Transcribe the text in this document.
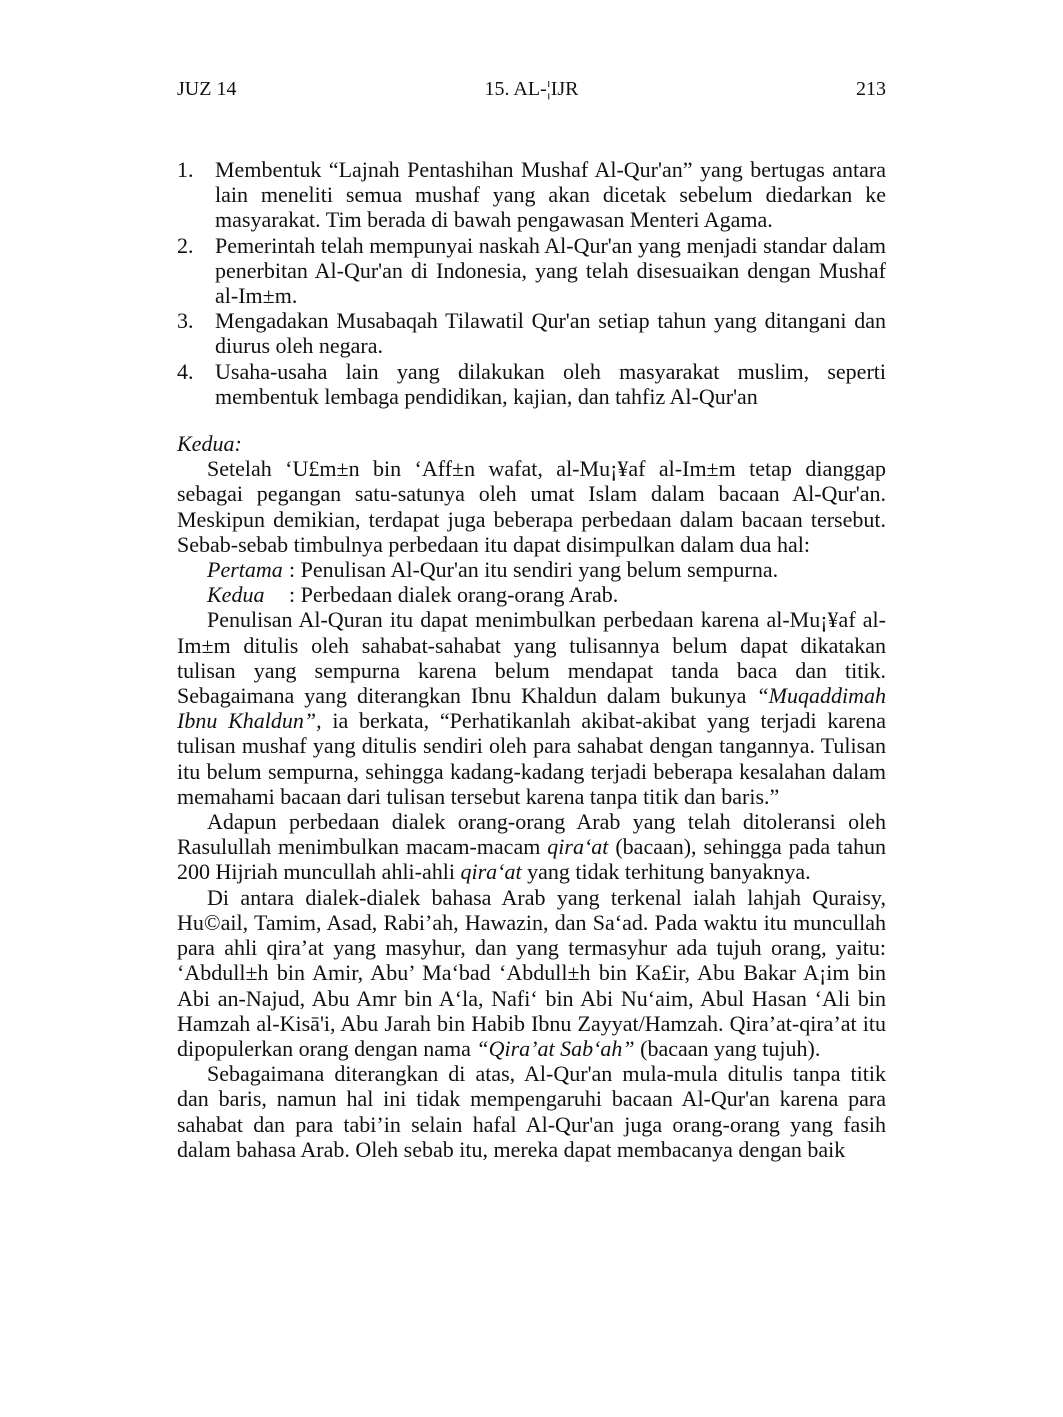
JUZ 14	15. AL-¦IJR	213
1. Membentuk “Lajnah Pentashihan Mushaf Al-Qur'an” yang bertugas antara lain meneliti semua mushaf yang akan dicetak sebelum diedarkan ke masyarakat. Tim berada di bawah pengawasan Menteri Agama.
2. Pemerintah telah mempunyai naskah Al-Qur'an yang menjadi standar dalam penerbitan Al-Qur'an di Indonesia, yang telah disesuaikan dengan Mushaf al-Im±m.
3. Mengadakan Musabaqah Tilawatil Qur'an setiap tahun yang ditangani dan diurus oleh negara.
4. Usaha-usaha lain yang dilakukan oleh masyarakat muslim, seperti membentuk lembaga pendidikan, kajian, dan tahfiz Al-Qur'an

Kedua:

Setelah ‘U£m±n bin ‘Aff±n wafat, al-Mu¡¥af al-Im±m tetap dianggap sebagai pegangan satu-satunya oleh umat Islam dalam bacaan Al-Qur'an. Meskipun demikian, terdapat juga beberapa perbedaan dalam bacaan tersebut. Sebab-sebab timbulnya perbedaan itu dapat disimpulkan dalam dua hal:

Pertama : Penulisan Al-Qur'an itu sendiri yang belum sempurna.

Kedua : Perbedaan dialek orang-orang Arab.

Penulisan Al-Quran itu dapat menimbulkan perbedaan karena al-Mu¡¥af al-Im±m ditulis oleh sahabat-sahabat yang tulisannya belum dapat dikatakan tulisan yang sempurna karena belum mendapat tanda baca dan titik. Sebagaimana yang diterangkan Ibnu Khaldun dalam bukunya “Muqaddimah Ibnu Khaldun”, ia berkata, “Perhatikanlah akibat-akibat yang terjadi karena tulisan mushaf yang ditulis sendiri oleh para sahabat dengan tangannya. Tulisan itu belum sempurna, sehingga kadang-kadang terjadi beberapa kesalahan dalam memahami bacaan dari tulisan tersebut karena tanpa titik dan baris.”

Adapun perbedaan dialek orang-orang Arab yang telah ditoleransi oleh Rasulullah menimbulkan macam-macam qira‘at (bacaan), sehingga pada tahun 200 Hijriah muncullah ahli-ahli qira‘at yang tidak terhitung banyaknya.

Di antara dialek-dialek bahasa Arab yang terkenal ialah lahjah Quraisy, Hu©ail, Tamim, Asad, Rabi’ah, Hawazin, dan Sa‘ad. Pada waktu itu muncullah para ahli qira’at yang masyhur, dan yang termasyhur ada tujuh orang, yaitu: ‘Abdull±h bin Amir, Abu’ Ma‘bad ‘Abdull±h bin Ka£ir, Abu Bakar A¡im bin Abi an-Najud, Abu Amr bin A‘la, Nafi‘ bin Abi Nu‘aim, Abul Hasan ‘Ali bin Hamzah al-Kisā'i, Abu Jarah bin Habib Ibnu Zayyat/Hamzah. Qira’at-qira’at itu dipopulerkan orang dengan nama “Qira’at Sab‘ah” (bacaan yang tujuh).

Sebagaimana diterangkan di atas, Al-Qur'an mula-mula ditulis tanpa titik dan baris, namun hal ini tidak mempengaruhi bacaan Al-Qur'an karena para sahabat dan para tabi’in selain hafal Al-Qur'an juga orang-orang yang fasih dalam bahasa Arab. Oleh sebab itu, mereka dapat membacanya dengan baik
